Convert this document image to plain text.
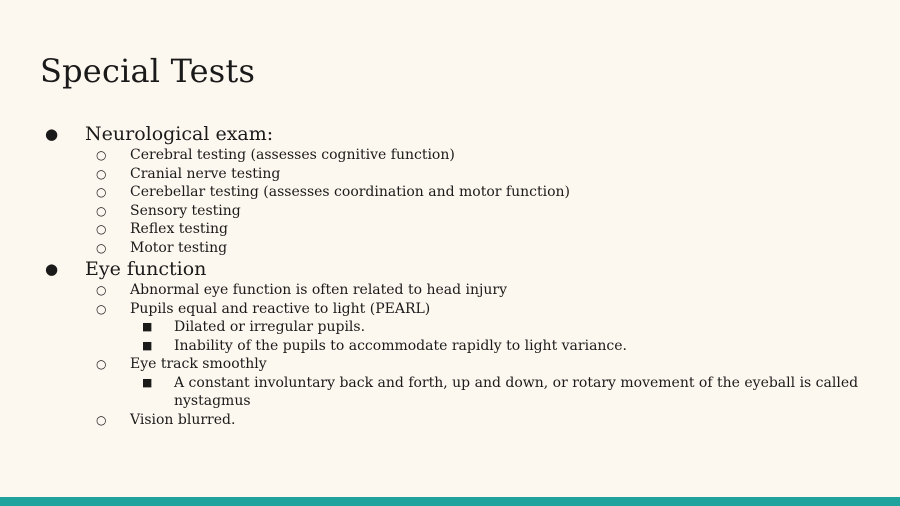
Special Tests
● Neurological exam:
○ Cerebral testing (assesses cognitive function)
○ Cranial nerve testing
○ Cerebellar testing (assesses coordination and motor function)
○ Sensory testing
○ Reflex testing
○ Motor testing
● Eye function
○ Abnormal eye function is often related to head injury
○ Pupils equal and reactive to light (PEARL)
■ Dilated or irregular pupils.
■ Inability of the pupils to accommodate rapidly to light variance.
○ Eye track smoothly
■ A constant involuntary back and forth, up and down, or rotary movement of the eyeball is called nystagmus
○ Vision blurred.
